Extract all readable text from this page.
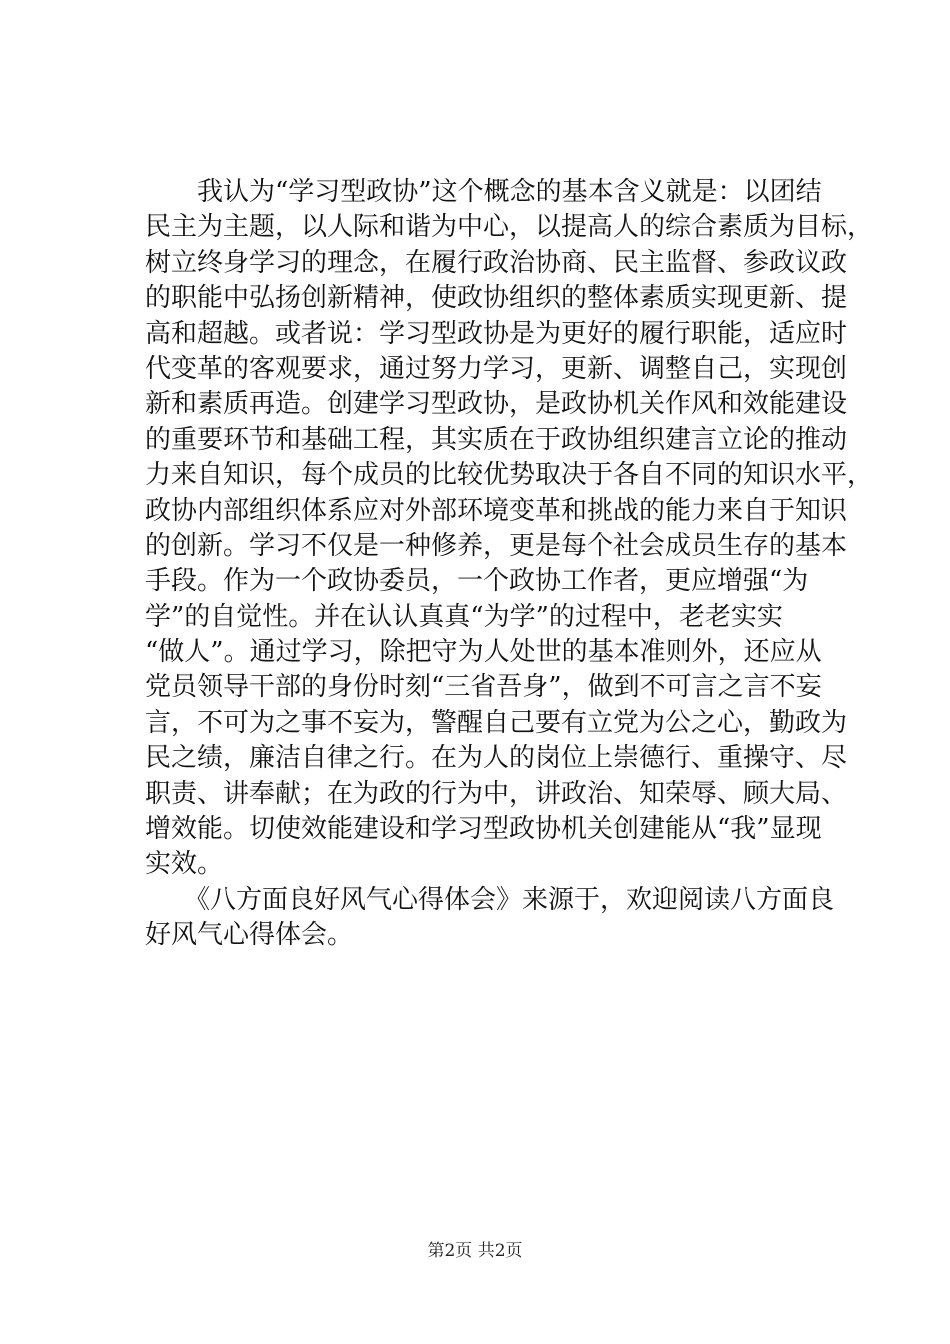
　　我认为“学习型政协”这个概念的基本含义就是：以团结
民主为主题，以人际和谐为中心，以提高人的综合素质为目标，
树立终身学习的理念，在履行政治协商、民主监督、参政议政
的职能中弘扬创新精神，使政协组织的整体素质实现更新、提
高和超越。或者说：学习型政协是为更好的履行职能，适应时
代变革的客观要求，通过努力学习，更新、调整自己，实现创
新和素质再造。创建学习型政协，是政协机关作风和效能建设
的重要环节和基础工程，其实质在于政协组织建言立论的推动
力来自知识，每个成员的比较优势取决于各自不同的知识水平，
政协内部组织体系应对外部环境变革和挑战的能力来自于知识
的创新。学习不仅是一种修养，更是每个社会成员生存的基本
手段。作为一个政协委员，一个政协工作者，更应增强“为
学”的自觉性。并在认认真真“为学”的过程中，老老实实
“做人”。通过学习，除把守为人处世的基本准则外，还应从
党员领导干部的身份时刻“三省吾身”，做到不可言之言不妄
言，不可为之事不妄为，警醒自己要有立党为公之心，勤政为
民之绩，廉洁自律之行。在为人的岗位上崇德行、重操守、尽
职责、讲奉献；在为政的行为中，讲政治、知荣辱、顾大局、
增效能。切使效能建设和学习型政协机关创建能从“我”显现
实效。
　　《八方面良好风气心得体会》来源于，欢迎阅读八方面良
好风气心得体会。
第2页 共2页
